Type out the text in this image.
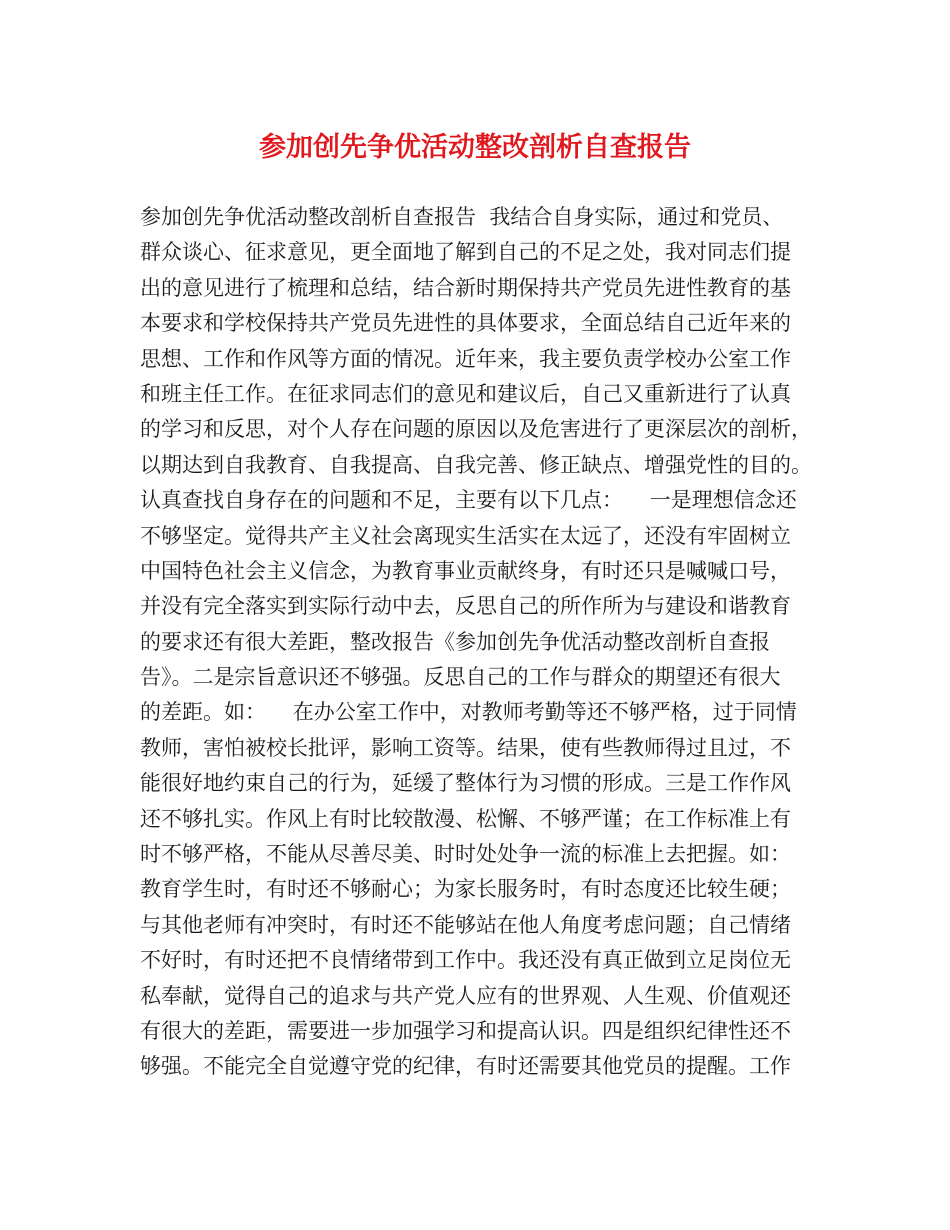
参加创先争优活动整改剖析自查报告
参加创先争优活动整改剖析自查报告  我结合自身实际，通过和党员、
群众谈心、征求意见，更全面地了解到自己的不足之处，我对同志们提
出的意见进行了梳理和总结，结合新时期保持共产党员先进性教育的基
本要求和学校保持共产党员先进性的具体要求，全面总结自己近年来的
思想、工作和作风等方面的情况。近年来，我主要负责学校办公室工作
和班主任工作。在征求同志们的意见和建议后，自己又重新进行了认真
的学习和反思，对个人存在问题的原因以及危害进行了更深层次的剖析，
以期达到自我教育、自我提高、自我完善、修正缺点、增强党性的目的。
认真查找自身存在的问题和不足，主要有以下几点：    一是理想信念还
不够坚定。觉得共产主义社会离现实生活实在太远了，还没有牢固树立
中国特色社会主义信念，为教育事业贡献终身，有时还只是喊喊口号，
并没有完全落实到实际行动中去，反思自己的所作所为与建设和谐教育
的要求还有很大差距，整改报告《参加创先争优活动整改剖析自查报
告》。二是宗旨意识还不够强。反思自己的工作与群众的期望还有很大
的差距。如：    在办公室工作中，对教师考勤等还不够严格，过于同情
教师，害怕被校长批评，影响工资等。结果，使有些教师得过且过，不
能很好地约束自己的行为，延缓了整体行为习惯的形成。三是工作作风
还不够扎实。作风上有时比较散漫、松懈、不够严谨；在工作标准上有
时不够严格，不能从尽善尽美、时时处处争一流的标准上去把握。如：
教育学生时，有时还不够耐心；为家长服务时，有时态度还比较生硬；
与其他老师有冲突时，有时还不能够站在他人角度考虑问题；自己情绪
不好时，有时还把不良情绪带到工作中。我还没有真正做到立足岗位无
私奉献，觉得自己的追求与共产党人应有的世界观、人生观、价值观还
有很大的差距，需要进一步加强学习和提高认识。四是组织纪律性还不
够强。不能完全自觉遵守党的纪律，有时还需要其他党员的提醒。工作
